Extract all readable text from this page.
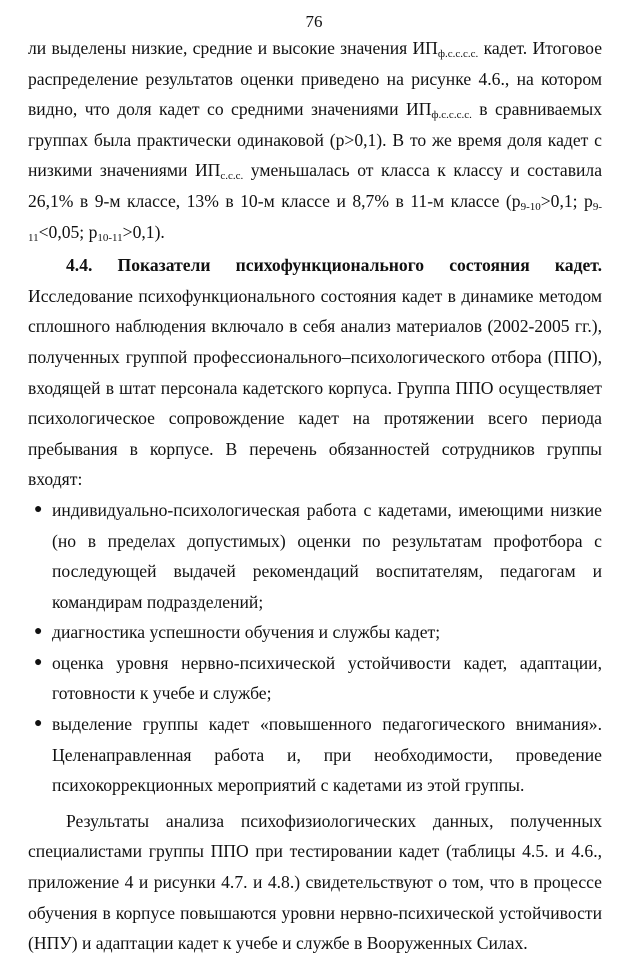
76

ли выделены низкие, средние и высокие значения $ИП_{ф.с.с.с.с.}$ кадет. Итоговое распределение результатов оценки приведено на рисунке 4.6., на котором видно, что доля кадет со средними значениями $ИП_{ф.с.с.с.с.}$ в сравниваемых группах была практически одинаковой (р>0,1). В то же время доля кадет с низкими значениями $ИП_{с.с.с.}$ уменьшалась от класса к классу и составила 26,1% в 9-м классе, 13% в 10-м классе и 8,7% в 11-м классе ($р_{9-10}>0,1$; $р_{9-11}<0,05$; $р_{10-11}>0,1$).

4.4. Показатели психофункционального состояния кадет. Исследование психофункционального состояния кадет в динамике методом сплошного наблюдения включало в себя анализ материалов (2002-2005 гг.), полученных группой профессионального–психологического отбора (ППО), входящей в штат персонала кадетского корпуса. Группа ППО осуществляет психологическое сопровождение кадет на протяжении всего периода пребывания в корпусе. В перечень обязанностей сотрудников группы входят:

● индивидуально-психологическая работа с кадетами, имеющими низкие (но в пределах допустимых) оценки по результатам профотбора с последующей выдачей рекомендаций воспитателям, педагогам и командирам подразделений;
● диагностика успешности обучения и службы кадет;
● оценка уровня нервно-психической устойчивости кадет, адаптации, готовности к учебе и службе;
● выделение группы кадет «повышенного педагогического внимания». Целенаправленная работа и, при необходимости, проведение психокоррекционных мероприятий с кадетами из этой группы.

Результаты анализа психофизиологических данных, полученных специалистами группы ППО при тестировании кадет (таблицы 4.5. и 4.6., приложение 4 и рисунки 4.7. и 4.8.) свидетельствуют о том, что в процессе обучения в корпусе повышаются уровни нервно-психической устойчивости (НПУ) и адаптации кадет к учебе и службе в Вооруженных Силах.
